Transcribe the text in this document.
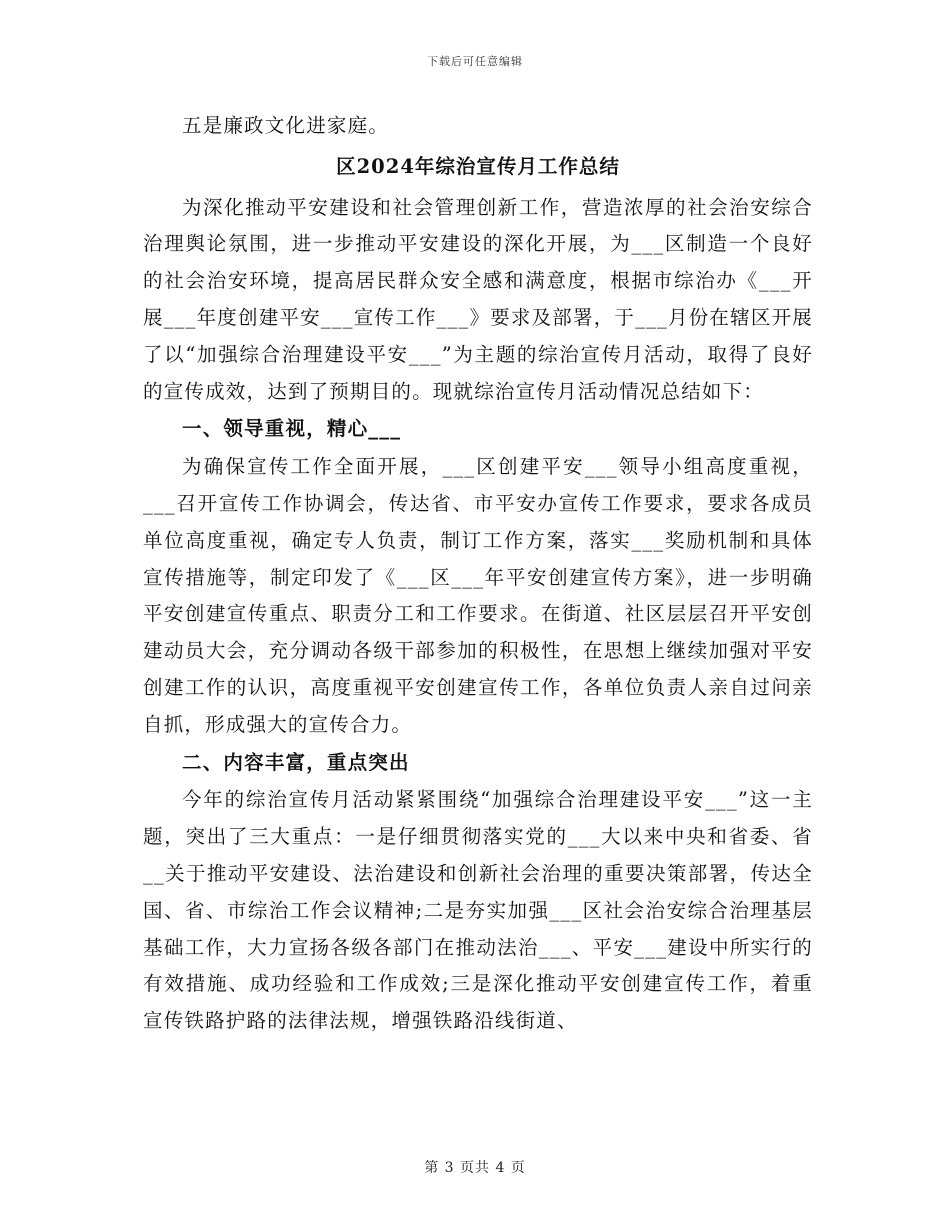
下载后可任意编辑

五是廉政文化进家庭。

区2024年综治宣传月工作总结

为深化推动平安建设和社会管理创新工作，营造浓厚的社会治安综合治理舆论氛围，进一步推动平安建设的深化开展，为___区制造一个良好的社会治安环境，提高居民群众安全感和满意度，根据市综治办《___开展___年度创建平安___宣传工作___》要求及部署，于___月份在辖区开展了以“加强综合治理建设平安___”为主题的综治宣传月活动，取得了良好的宣传成效，达到了预期目的。现就综治宣传月活动情况总结如下：

一、领导重视，精心___

为确保宣传工作全面开展，___区创建平安___领导小组高度重视，___召开宣传工作协调会，传达省、市平安办宣传工作要求，要求各成员单位高度重视，确定专人负责，制订工作方案，落实___奖励机制和具体宣传措施等，制定印发了《___区___年平安创建宣传方案》，进一步明确平安创建宣传重点、职责分工和工作要求。在街道、社区层层召开平安创建动员大会，充分调动各级干部参加的积极性，在思想上继续加强对平安创建工作的认识，高度重视平安创建宣传工作，各单位负责人亲自过问亲自抓，形成强大的宣传合力。

二、内容丰富，重点突出

今年的综治宣传月活动紧紧围绕“加强综合治理建设平安___”这一主题，突出了三大重点：一是仔细贯彻落实党的___大以来中央和省委、省__关于推动平安建设、法治建设和创新社会治理的重要决策部署，传达全国、省、市综治工作会议精神;二是夯实加强___区社会治安综合治理基层基础工作，大力宣扬各级各部门在推动法治___、平安___建设中所实行的有效措施、成功经验和工作成效;三是深化推动平安创建宣传工作，着重宣传铁路护路的法律法规，增强铁路沿线街道、

第 3 页共 4 页
